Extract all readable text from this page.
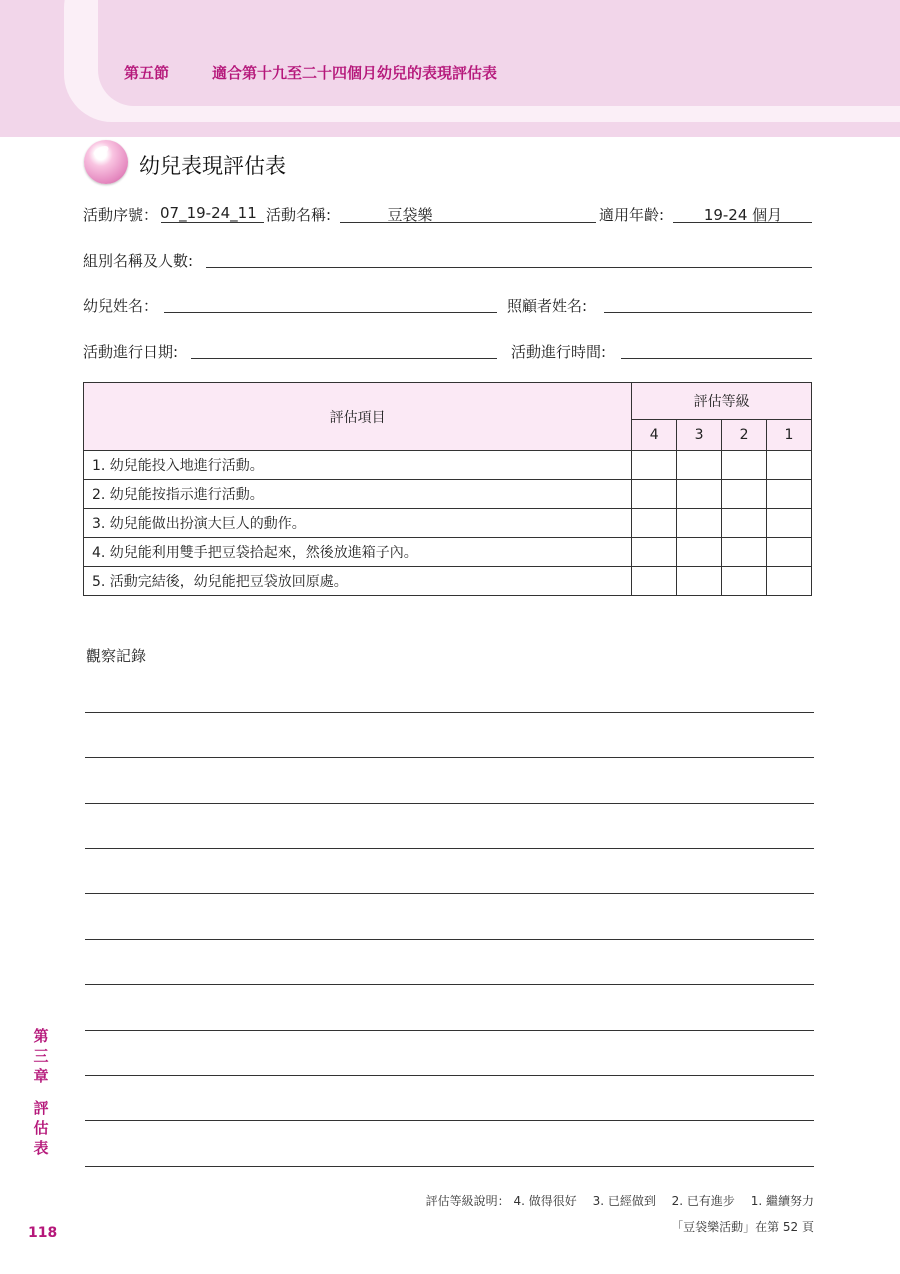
第五節	適合第十九至二十四個月幼兒的表現評估表
幼兒表現評估表
活動序號： 07_19-24_11 活動名稱:	豆袋樂	適用年齡:	19-24 個月
組別名稱及人數:
幼兒姓名：	照顧者姓名:
活動進行日期:	活動進行時間:
評估項目	評估等級			
	4	3	2	1
1. 幼兒能投入地進行活動。				
2. 幼兒能按指示進行活動。				
3. 幼兒能做出扮演大巨人的動作。				
4. 幼兒能利用雙手把豆袋拾起來，然後放進箱子內。				
5. 活動完結後，幼兒能把豆袋放回原處。				
觀察記錄
第
三
章
評
估
表
118
評估等級說明： 4. 做得很好　 3. 已經做到　 2. 已有進步　 1. 繼續努力
「豆袋樂活動」在第 52 頁
